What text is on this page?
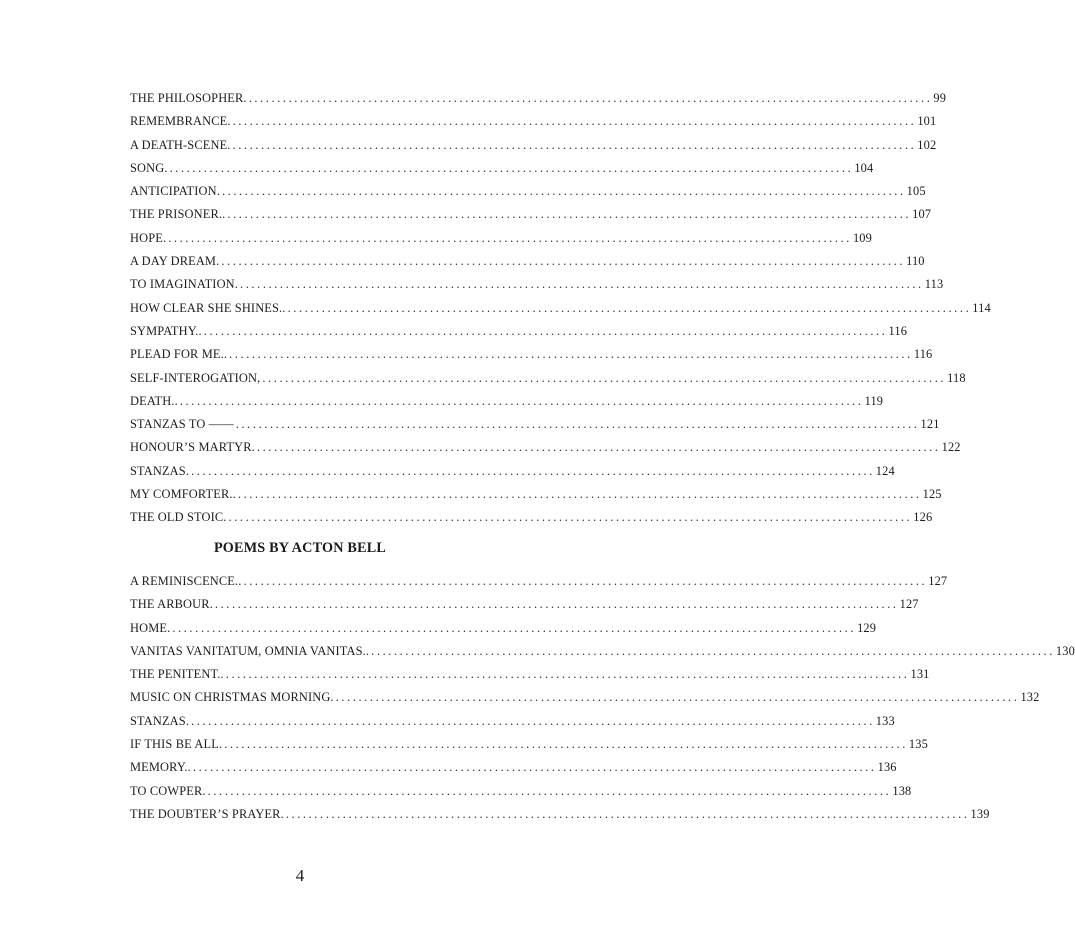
THE PHILOSOPHER. ........................................................................................................................ 99
REMEMBRANCE. ........................................................................................................................ 101
A DEATH-SCENE. ........................................................................................................................ 102
SONG. ........................................................................................................................ 104
ANTICIPATION. ........................................................................................................................ 105
THE PRISONER.. ........................................................................................................................ 107
HOPE. ........................................................................................................................ 109
A DAY DREAM. ........................................................................................................................ 110
TO IMAGINATION. ........................................................................................................................ 113
HOW CLEAR SHE SHINES.. ........................................................................................................................ 114
SYMPATHY.. ........................................................................................................................ 116
PLEAD FOR ME.. ........................................................................................................................ 116
SELF-INTEROGATION, ........................................................................................................................ 118
DEATH.. ........................................................................................................................ 119
STANZAS TO —— ........................................................................................................................ 121
HONOUR’S MARTYR. ........................................................................................................................ 122
STANZAS. ........................................................................................................................ 124
MY COMFORTER.. ........................................................................................................................ 125
THE OLD STOIC. ........................................................................................................................ 126
POEMS BY ACTON BELL
A REMINISCENCE.. ........................................................................................................................ 127
THE ARBOUR. ........................................................................................................................ 127
HOME. ........................................................................................................................ 129
VANITAS VANITATUM, OMNIA VANITAS.. ........................................................................................................................ 130
THE PENITENT.. ........................................................................................................................ 131
MUSIC ON CHRISTMAS MORNING. ........................................................................................................................ 132
STANZAS. ........................................................................................................................ 133
IF THIS BE ALL. ........................................................................................................................ 135
MEMORY.. ........................................................................................................................ 136
TO COWPER. ........................................................................................................................ 138
THE DOUBTER’S PRAYER. ........................................................................................................................ 139
4
